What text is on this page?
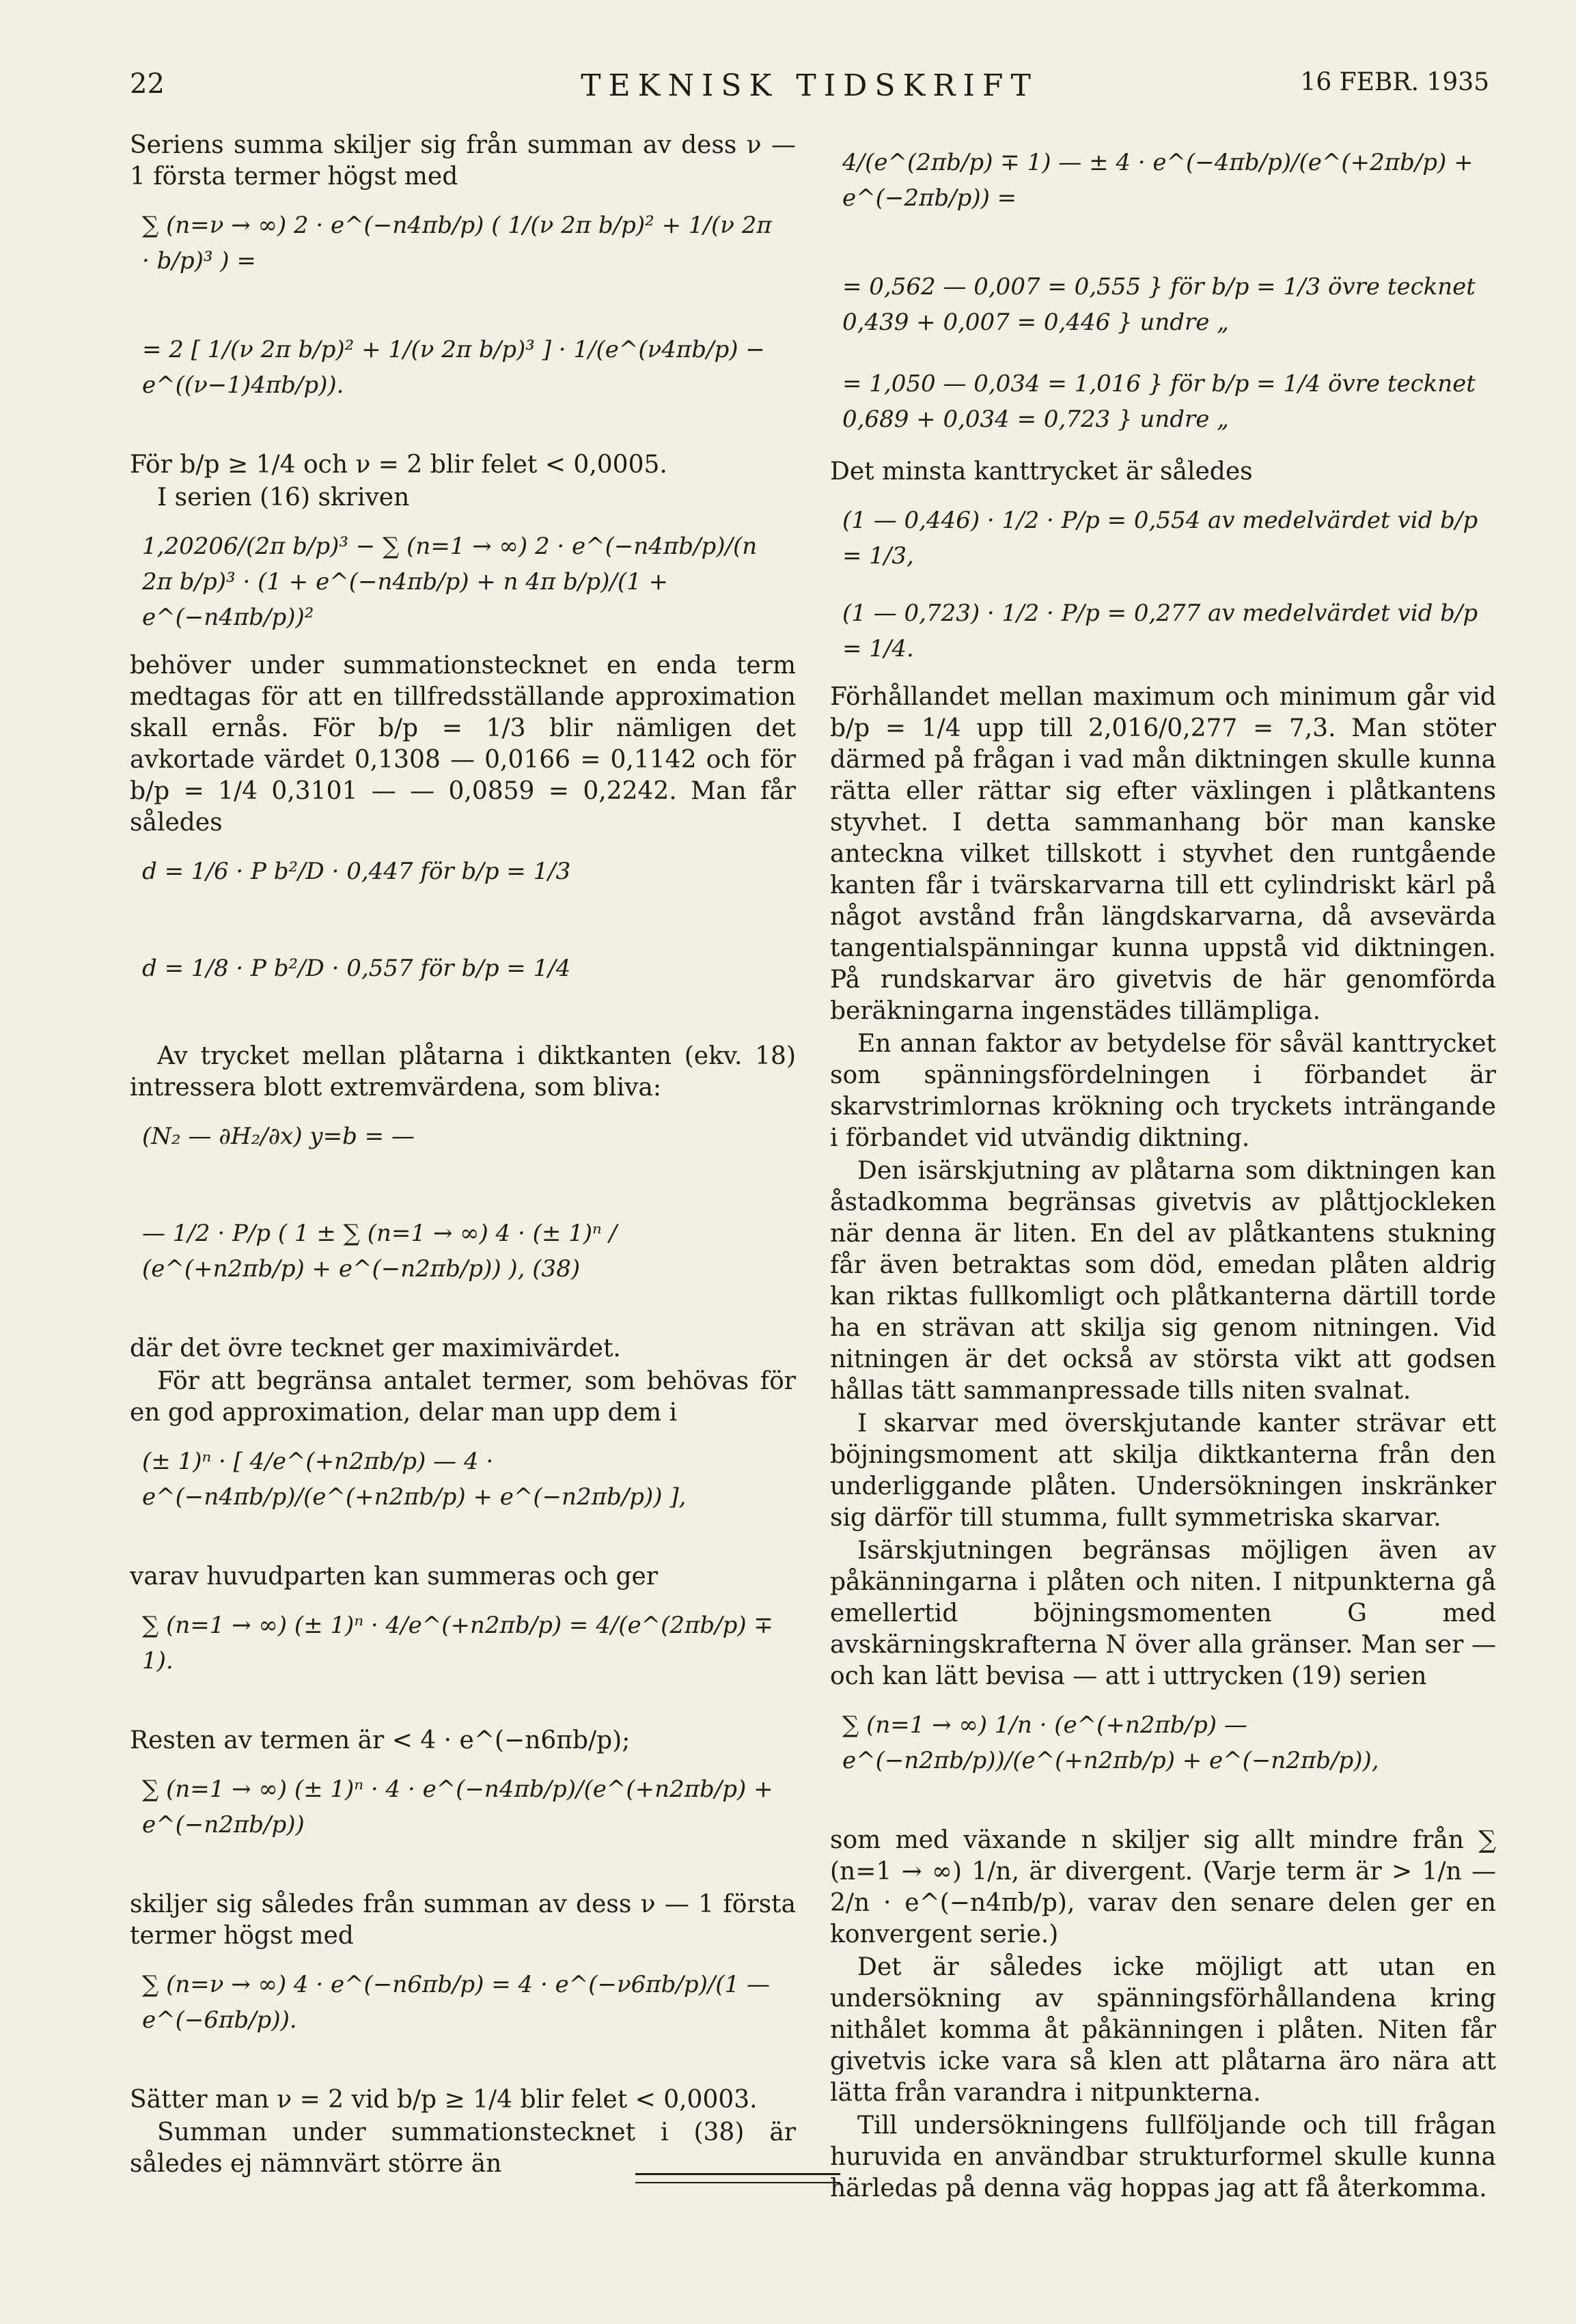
22	TEKNISK TIDSKRIFT	16 FEBR. 1935
Seriens summa skiljer sig från summan av dess ν — 1 första termer högst med
∑ (n=ν → ∞) 2 · e^(−n4πb/p) ( 1/(ν 2π b/p)² + 1/(ν 2π · b/p)³ ) =
= 2 [ 1/(ν 2π b/p)² + 1/(ν 2π b/p)³ ] · 1/(e^(ν4πb/p) − e^((ν−1)4πb/p)).
För b/p ≥ 1/4 och ν = 2 blir felet < 0,0005.
I serien (16) skriven
1,20206/(2π b/p)³ − ∑ (n=1 → ∞) 2 · e^(−n4πb/p)/(n 2π b/p)³ · (1 + e^(−n4πb/p) + n 4π b/p)/(1 + e^(−n4πb/p))²
behöver under summationstecknet en enda term medtagas för att en tillfredsställande approximation skall ernås. För b/p = 1/3 blir nämligen det avkortade värdet 0,1308 — 0,0166 = 0,1142 och för b/p = 1/4 0,3101 — — 0,0859 = 0,2242. Man får således
d = 1/6 · P b²/D · 0,447 för b/p = 1/3
d = 1/8 · P b²/D · 0,557 för b/p = 1/4
Av trycket mellan plåtarna i diktkanten (ekv. 18) intressera blott extremvärdena, som bliva:
(N₂ — ∂H₂/∂x) y=b = —
— 1/2 · P/p ( 1 ± ∑ (n=1 → ∞) 4 · (± 1)ⁿ / (e^(+n2πb/p) + e^(−n2πb/p)) ), (38)
där det övre tecknet ger maximivärdet.
För att begränsa antalet termer, som behövas för en god approximation, delar man upp dem i
(± 1)ⁿ · [ 4/e^(+n2πb/p) — 4 · e^(−n4πb/p)/(e^(+n2πb/p) + e^(−n2πb/p)) ],
varav huvudparten kan summeras och ger
∑ (n=1 → ∞) (± 1)ⁿ · 4/e^(+n2πb/p) = 4/(e^(2πb/p) ∓ 1).
Resten av termen är < 4 · e^(−n6πb/p);
∑ (n=1 → ∞) (± 1)ⁿ · 4 · e^(−n4πb/p)/(e^(+n2πb/p) + e^(−n2πb/p))
skiljer sig således från summan av dess ν — 1 första termer högst med
∑ (n=ν → ∞) 4 · e^(−n6πb/p) = 4 · e^(−ν6πb/p)/(1 — e^(−6πb/p)).
Sätter man ν = 2 vid b/p ≥ 1/4 blir felet < 0,0003.
Summan under summationstecknet i (38) är således ej nämnvärt större än
4/(e^(2πb/p) ∓ 1) — ± 4 · e^(−4πb/p)/(e^(+2πb/p) + e^(−2πb/p)) =
= 0,562 — 0,007 = 0,555 } för b/p = 1/3 övre tecknet
0,439 + 0,007 = 0,446 } undre „
= 1,050 — 0,034 = 1,016 } för b/p = 1/4 övre tecknet
0,689 + 0,034 = 0,723 } undre „
Det minsta kanttrycket är således
(1 — 0,446) · 1/2 · P/p = 0,554 av medelvärdet vid b/p = 1/3,
(1 — 0,723) · 1/2 · P/p = 0,277 av medelvärdet vid b/p = 1/4.
Förhållandet mellan maximum och minimum går vid b/p = 1/4 upp till 2,016/0,277 = 7,3. Man stöter därmed på frågan i vad mån diktningen skulle kunna rätta eller rättar sig efter växlingen i plåtkantens styvhet. I detta sammanhang bör man kanske anteckna vilket tillskott i styvhet den runtgående kanten får i tvärskarvarna till ett cylindriskt kärl på något avstånd från längdskarvarna, då avsevärda tangentialspänningar kunna uppstå vid diktningen. På rundskarvar äro givetvis de här genomförda beräkningarna ingenstädes tillämpliga.
En annan faktor av betydelse för såväl kanttrycket som spänningsfördelningen i förbandet är skarvstrimlornas krökning och tryckets inträngande i förbandet vid utvändig diktning.
Den isärskjutning av plåtarna som diktningen kan åstadkomma begränsas givetvis av plåttjockleken när denna är liten. En del av plåtkantens stukning får även betraktas som död, emedan plåten aldrig kan riktas fullkomligt och plåtkanterna därtill torde ha en strävan att skilja sig genom nitningen. Vid nitningen är det också av största vikt att godsen hållas tätt sammanpressade tills niten svalnat.
I skarvar med överskjutande kanter strävar ett böjningsmoment att skilja diktkanterna från den underliggande plåten. Undersökningen inskränker sig därför till stumma, fullt symmetriska skarvar.
Isärskjutningen begränsas möjligen även av påkänningarna i plåten och niten. I nitpunkterna gå emellertid böjningsmomenten G med avskärningskrafterna N över alla gränser. Man ser — och kan lätt bevisa — att i uttrycken (19) serien
∑ (n=1 → ∞) 1/n · (e^(+n2πb/p) — e^(−n2πb/p))/(e^(+n2πb/p) + e^(−n2πb/p)),
som med växande n skiljer sig allt mindre från ∑ (n=1 → ∞) 1/n, är divergent. (Varje term är > 1/n — 2/n · e^(−n4πb/p), varav den senare delen ger en konvergent serie.)
Det är således icke möjligt att utan en undersökning av spänningsförhållandena kring nithålet komma åt påkänningen i plåten. Niten får givetvis icke vara så klen att plåtarna äro nära att lätta från varandra i nitpunkterna.
Till undersökningens fullföljande och till frågan huruvida en användbar strukturformel skulle kunna härledas på denna väg hoppas jag att få återkomma.
